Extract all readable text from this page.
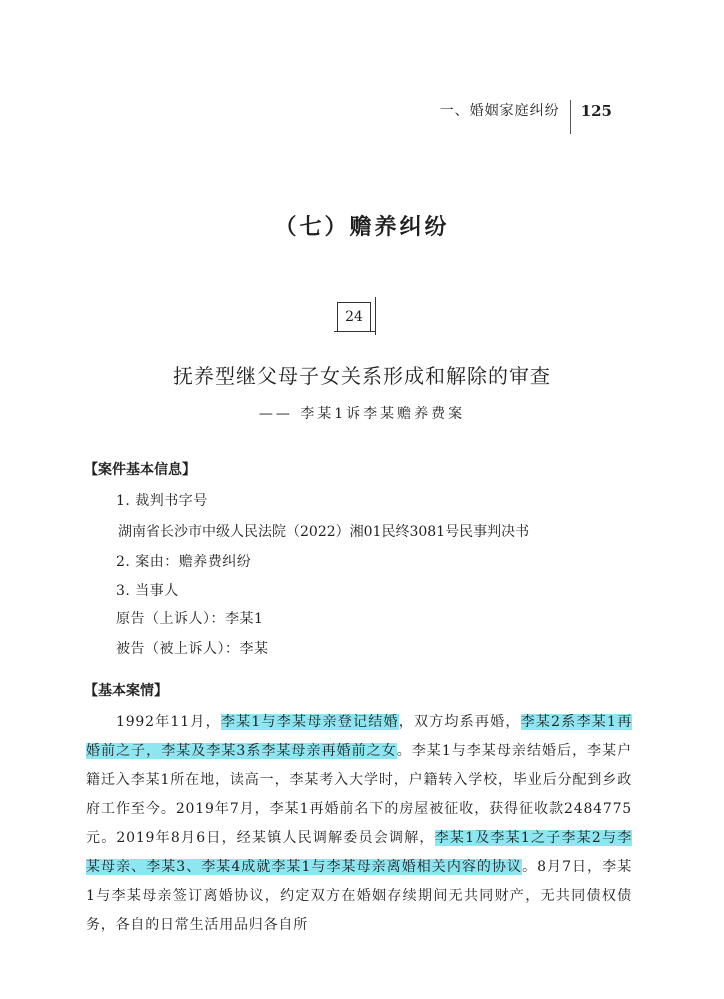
一、婚姻家庭纠纷	125
（七）赡养纠纷
24
抚养型继父母子女关系形成和解除的审查
—— 李某1诉李某赡养费案
【案件基本信息】
1. 裁判书字号
湖南省长沙市中级人民法院（2022）湘01民终3081号民事判决书
2. 案由：赡养费纠纷
3. 当事人
原告（上诉人）：李某1
被告（被上诉人）：李某
【基本案情】
1992年11月，李某1与李某母亲登记结婚，双方均系再婚，李某2系李某1再婚前之子，李某及李某3系李某母亲再婚前之女。李某1与李某母亲结婚后，李某户籍迁入李某1所在地，读高一，李某考入大学时，户籍转入学校，毕业后分配到乡政府工作至今。2019年7月，李某1再婚前名下的房屋被征收，获得征收款2484775元。2019年8月6日，经某镇人民调解委员会调解，李某1及李某1之子李某2与李某母亲、李某3、李某4成就李某1与李某母亲离婚相关内容的协议。8月7日，李某1与李某母亲签订离婚协议，约定双方在婚姻存续期间无共同财产，无共同债权债务，各自的日常生活用品归各自所
